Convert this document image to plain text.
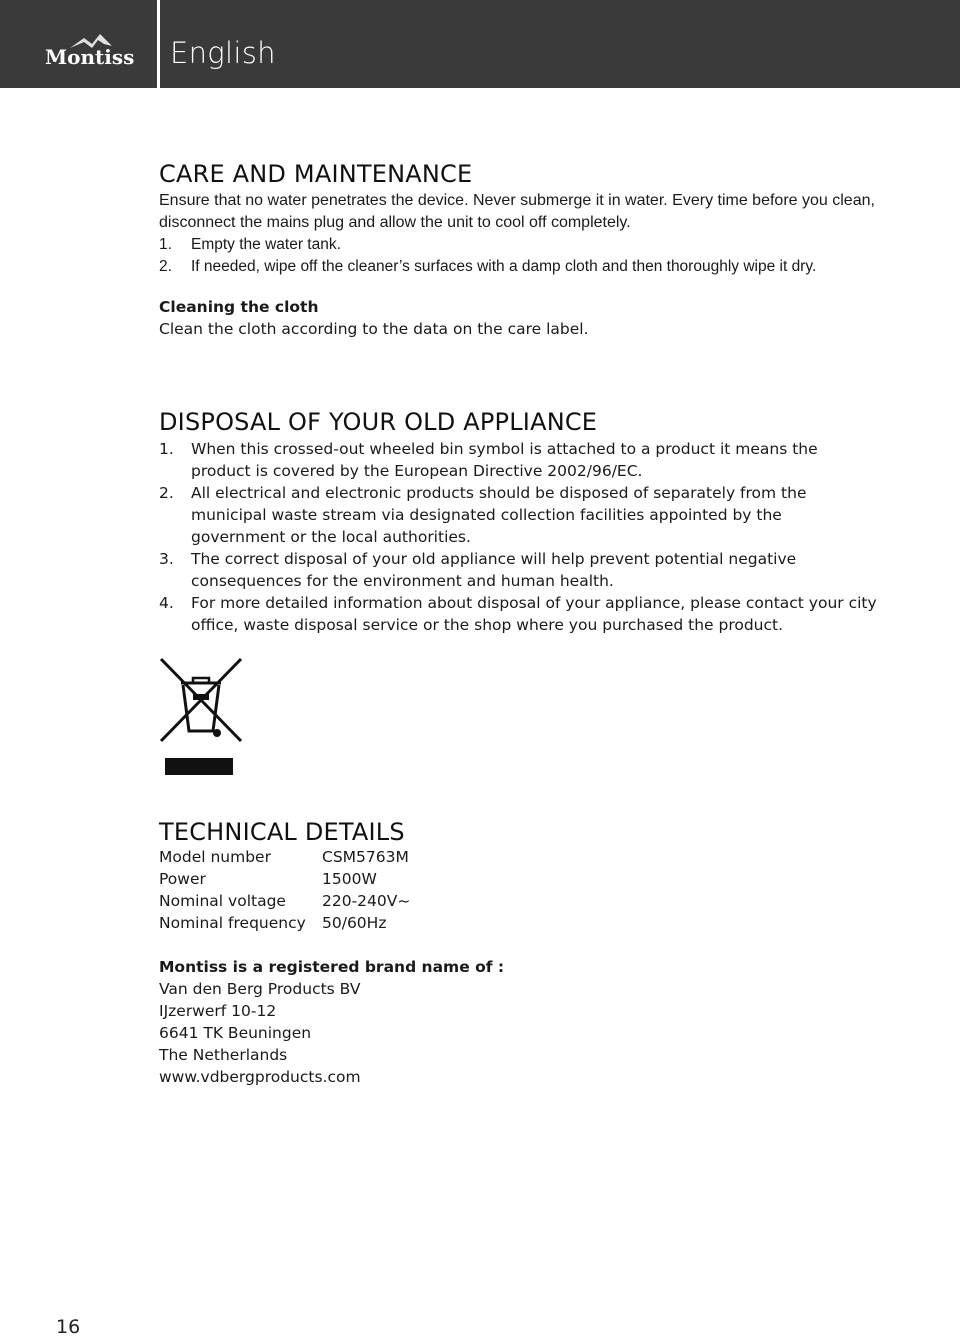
Montiss English
CARE AND MAINTENANCE

Ensure that no water penetrates the device. Never submerge it in water. Every time before you clean, disconnect the mains plug and allow the unit to cool off completely.

1. Empty the water tank.
2. If needed, wipe off the cleaner’s surfaces with a damp cloth and then thoroughly wipe it dry.

Cleaning the cloth

Clean the cloth according to the data on the care label.

DISPOSAL OF YOUR OLD APPLIANCE
1. When this crossed-out wheeled bin symbol is attached to a product it means the product is covered by the European Directive 2002/96/EC.
2. All electrical and electronic products should be disposed of separately from the municipal waste stream via designated collection facilities appointed by the government or the local authorities.
3. The correct disposal of your old appliance will help prevent potential negative consequences for the environment and human health.
4. For more detailed information about disposal of your appliance, please contact your city office, waste disposal service or the shop where you purchased the product.
TECHNICAL DETAILS
Model number	CSM5763M
Power	1500W
Nominal voltage	220-240V~
Nominal frequency	50/60Hz

Montiss is a registered brand name of :

Van den Berg Products BV

IJzerwerf 10-12

6641 TK Beuningen

The Netherlands

www.vdbergproducts.com

16
